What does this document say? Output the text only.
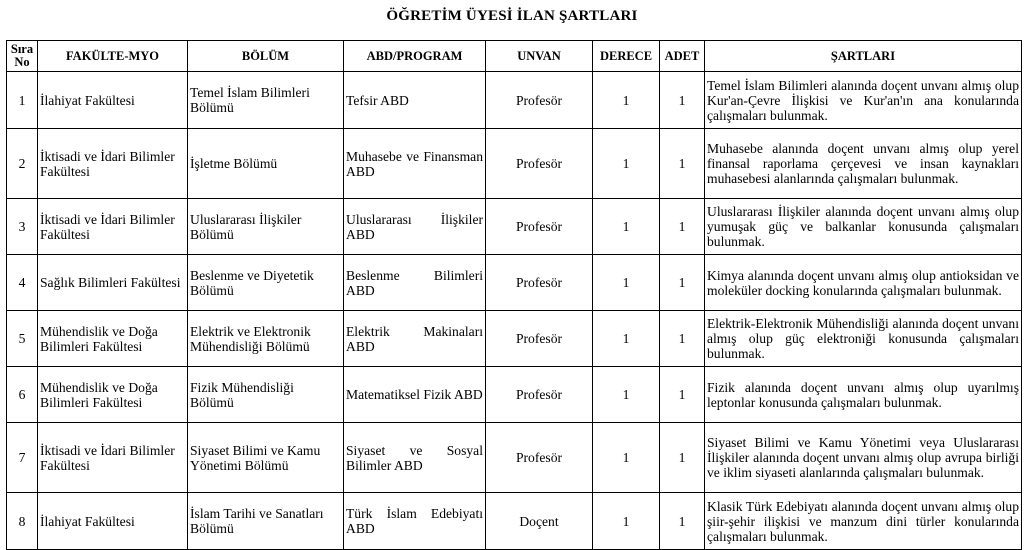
ÖĞRETİM ÜYESİ İLAN ŞARTLARI
Sıra
No	FAKÜLTE-MYO	BÖLÜM	ABD/PROGRAM	UNVAN	DERECE	ADET	ŞARTLARI
1	İlahiyat Fakültesi	Temel İslam Bilimleri Bölümü	Tefsir ABD	Profesör	1	1	Temel İslam Bilimleri alanında doçent unvanı almış olup Kur'an-Çevre İlişkisi ve Kur'an'ın ana konularında çalışmaları bulunmak.
2	İktisadi ve İdari Bilimler Fakültesi	İşletme Bölümü	Muhasebe ve Finansman ABD	Profesör	1	1	Muhasebe alanında doçent unvanı almış olup yerel finansal raporlama çerçevesi ve insan kaynakları muhasebesi alanlarında çalışmaları bulunmak.
3	İktisadi ve İdari Bilimler Fakültesi	Uluslararası İlişkiler Bölümü	Uluslararası İlişkiler ABD	Profesör	1	1	Uluslararası İlişkiler alanında doçent unvanı almış olup yumuşak güç ve balkanlar konusunda çalışmaları bulunmak.
4	Sağlık Bilimleri Fakültesi	Beslenme ve Diyetetik Bölümü	Beslenme Bilimleri ABD	Profesör	1	1	Kimya alanında doçent unvanı almış olup antioksidan ve moleküler docking konularında çalışmaları bulunmak.
5	Mühendislik ve Doğa Bilimleri Fakültesi	Elektrik ve Elektronik Mühendisliği Bölümü	Elektrik Makinaları ABD	Profesör	1	1	Elektrik-Elektronik Mühendisliği alanında doçent unvanı almış olup güç elektroniği konusunda çalışmaları bulunmak.
6	Mühendislik ve Doğa Bilimleri Fakültesi	Fizik Mühendisliği Bölümü	Matematiksel Fizik ABD	Profesör	1	1	Fizik alanında doçent unvanı almış olup uyarılmış leptonlar konusunda çalışmaları bulunmak.
7	İktisadi ve İdari Bilimler Fakültesi	Siyaset Bilimi ve Kamu Yönetimi Bölümü	Siyaset ve Sosyal Bilimler ABD	Profesör	1	1	Siyaset Bilimi ve Kamu Yönetimi veya Uluslararası İlişkiler alanında doçent unvanı almış olup avrupa birliği ve iklim siyaseti alanlarında çalışmaları bulunmak.
8	İlahiyat Fakültesi	İslam Tarihi ve Sanatları Bölümü	Türk İslam Edebiyatı ABD	Doçent	1	1	Klasik Türk Edebiyatı alanında doçent unvanı almış olup şiir-şehir ilişkisi ve manzum dini türler konularında çalışmaları bulunmak.
